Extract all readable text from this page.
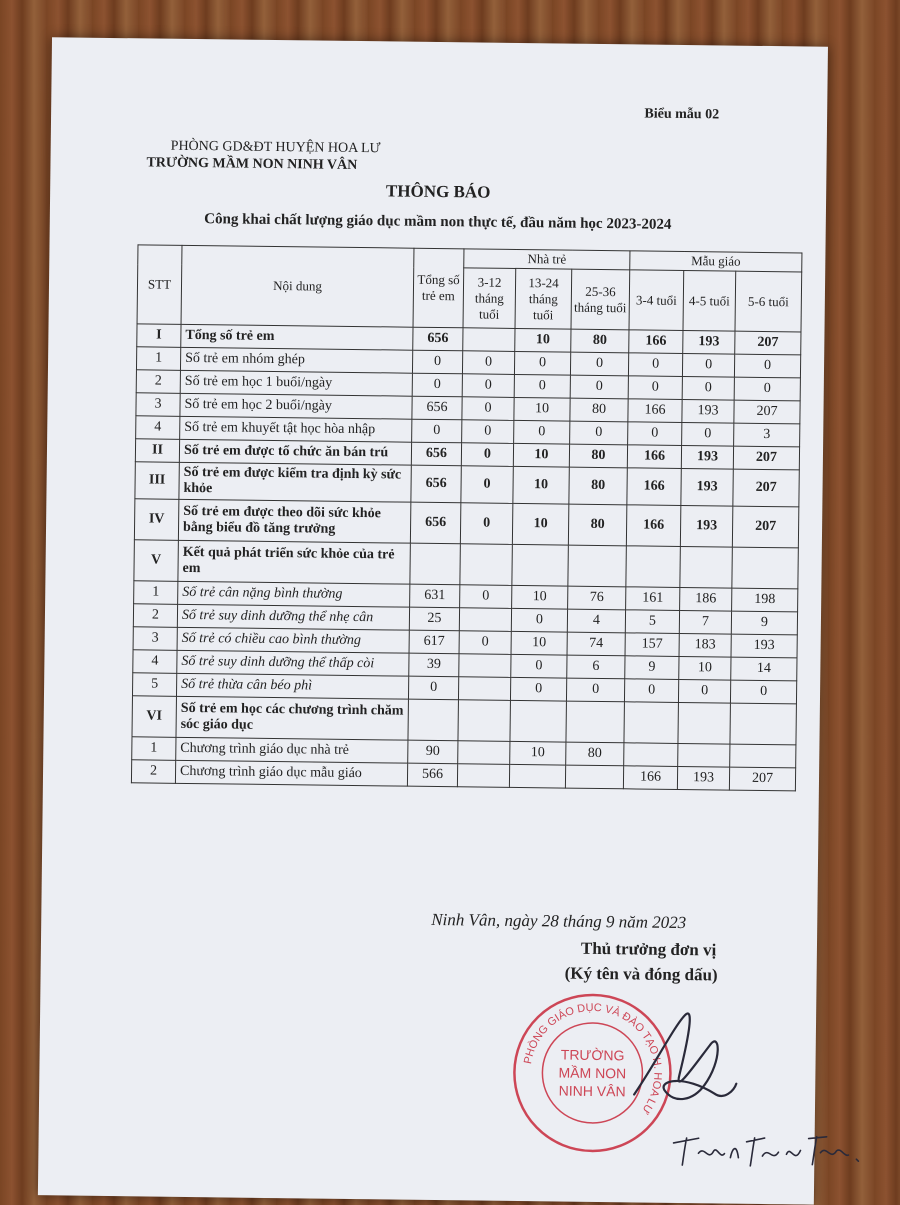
Biểu mẫu 02
PHÒNG GD&ĐT HUYỆN HOA LƯ
TRƯỜNG MẦM NON NINH VÂN
THÔNG BÁO
Công khai chất lượng giáo dục mầm non thực tế, đầu năm học 2023-2024
STT	Nội dung	Tổng số trẻ em	Nhà trẻ			Mẫu giáo		
			3-12 tháng tuổi	13-24 tháng tuổi	25-36 tháng tuổi	3-4 tuổi	4-5 tuổi	5-6 tuổi
I	Tổng số trẻ em	656		10	80	166	193	207
1	Số trẻ em nhóm ghép	0	0	0	0	0	0	0
2	Số trẻ em học 1 buổi/ngày	0	0	0	0	0	0	0
3	Số trẻ em học 2 buổi/ngày	656	0	10	80	166	193	207
4	Số trẻ em khuyết tật học hòa nhập	0	0	0	0	0	0	3
II	Số trẻ em được tổ chức ăn bán trú	656	0	10	80	166	193	207
III	Số trẻ em được kiểm tra định kỳ sức khỏe	656	0	10	80	166	193	207
IV	Số trẻ em được theo dõi sức khỏe bằng biểu đồ tăng trưởng	656	0	10	80	166	193	207
V	Kết quả phát triển sức khỏe của trẻ em							
1	Số trẻ cân nặng bình thường	631	0	10	76	161	186	198
2	Số trẻ suy dinh dưỡng thể nhẹ cân	25		0	4	5	7	9
3	Số trẻ có chiều cao bình thường	617	0	10	74	157	183	193
4	Số trẻ suy dinh dưỡng thể thấp còi	39		0	6	9	10	14
5	Số trẻ thừa cân béo phì	0		0	0	0	0	0
VI	Số trẻ em học các chương trình chăm sóc giáo dục							
1	Chương trình giáo dục nhà trẻ	90		10	80			
2	Chương trình giáo dục mẫu giáo	566				166	193	207
Ninh Vân, ngày 28 tháng 9 năm 2023
Thủ trưởng đơn vị
(Ký tên và đóng dấu)
PHÒNG GIÁO DỤC VÀ ĐÀO TẠO H. HOA LƯ
TRƯỜNG
MẦM NON
NINH VÂN
